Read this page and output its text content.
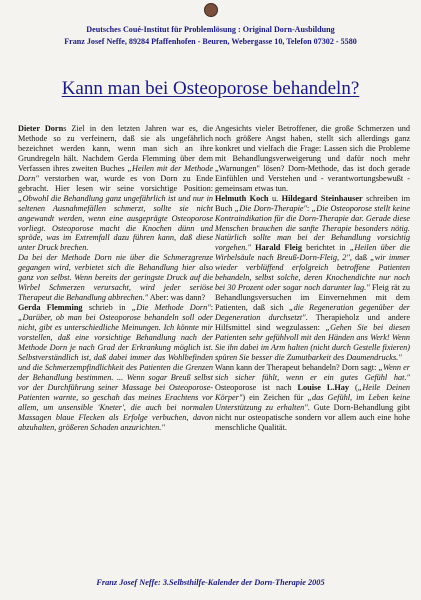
Deutsches Coué-Institut für Problemlösung : Original Dorn-Ausbildung
Franz Josef Neffe, 89284 Pfaffenhofen - Beuren, Webergasse 10, Telefon 07302 - 5580
Kann man bei Osteoporose behandeln?

Dieter Dorns Ziel in den letzten Jahren war es, die Methode so zu verfeinern, daß sie als ungefährlich bezeichnet werden kann, wenn man sich an ihre Grundregeln hält. Nachdem Gerda Flemming über dem Verfassen ihres zweiten Buches „Heilen mit der Methode Dorn" verstorben war, wurde es von Dorn zu Ende gebracht. Hier lesen wir seine vorsichtige Position: „Obwohl die Behandlung ganz ungefährlich ist und nur in seltenen Ausnahmefällen schmerzt, sollte sie nicht angewandt werden, wenn eine ausgeprägte Osteoporose vorliegt. Osteoporose macht die Knochen dünn und spröde, was im Extremfall dazu führen kann, daß diese unter Druck brechen.

Da bei der Methode Dorn nie über die Schmerzgrenze gegangen wird, verbietet sich die Behandlung hier also ganz von selbst. Wenn bereits der geringste Druck auf die Wirbel Schmerzen verursacht, wird jeder seriöse Therapeut die Behandlung abbrechen." Aber: was dann?

Gerda Flemming schrieb in „Die Methode Dorn": „Darüber, ob man bei Osteoporose behandeln soll oder nicht, gibt es unterschiedliche Meinungen. Ich könnte mir vorstellen, daß eine vorsichtige Behandlung nach der Methode Dorn je nach Grad der Erkrankung möglich ist. Selbstverständlich ist, daß dabei immer das Wohlbefinden und die Schmerzempfindlichkeit des Patienten die Grenzen der Behandlung bestimmen. ... Wenn sogar Breuß selbst vor der Durchführung seiner Massage bei Osteoporose-Patienten warnte, so geschah das meines Erachtens vor allem, um unsensible 'Kneter', die auch bei normalen Massagen blaue Flecken als Erfolge verbuchen, davon abzuhalten, größeren Schaden anzurichten."

Angesichts vieler Betroffener, die große Schmerzen und noch größere Angst haben, stellt sich allerdings ganz konkret und vielfach die Frage: Lassen sich die Probleme mit Behandlungsverweigerung und dafür noch mehr „Warnungen" lösen? Dorn-Methode, das ist doch gerade Einfühlen und Verstehen und - verantwortungsbewußt - gemeinsam etwas tun.

Helmuth Koch u. Hildegard Steinhauser schreiben im Buch „Die Dorn-Therapie": „Die Osteoporose stellt keine Kontraindikation für die Dorn-Therapie dar. Gerade diese Menschen brauchen die sanfte Therapie besonders nötig. Natürlich sollte man bei der Behandlung vorsichtig vorgehen." Harald Fleig berichtet in „Heilen über die Wirbelsäule nach Breuß-Dorn-Fleig, 2", daß „wir immer wieder verblüffend erfolgreich betroffene Patienten behandeln, selbst solche, deren Knochendichte nur noch bei 30 Prozent oder sogar noch darunter lag." Fleig rät zu Behandlungsversuchen im Einvernehmen mit dem Patienten, daß sich „die Regeneration gegenüber der Degeneration durchsetzt". Therapieholz und andere Hilfsmittel sind wegzulassen: „Gehen Sie bei diesen Patienten sehr gefühlvoll mit den Händen ans Werk! Wenn Sie ihn dabei im Arm halten (nicht durch Gestelle fixieren) spüren Sie besser die Zumutbarkeit des Daumendrucks."

Wann kann der Therapeut behandeln? Dorn sagt: „Wenn er sich sicher fühlt, wenn er ein gutes Gefühl hat." Osteoporose ist nach Louise L.Hay („Heile Deinen Körper") ein Zeichen für „das Gefühl, im Leben keine Unterstützung zu erhalten". Gute Dorn-Behandlung gibt nicht nur osteopatische sondern vor allem auch eine hohe menschliche Qualität.

Franz Josef Neffe: 3.Selbsthilfe-Kalender der Dorn-Therapie 2005
